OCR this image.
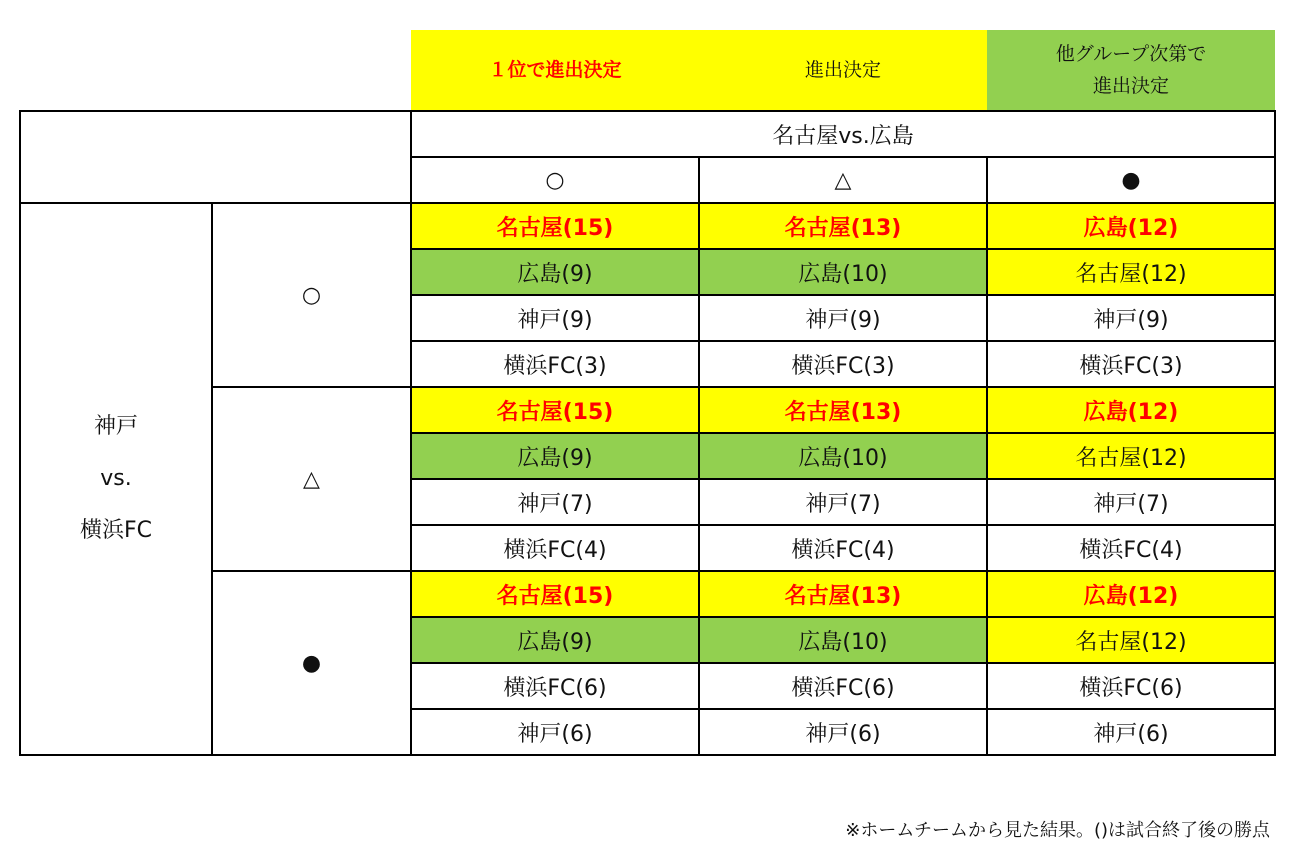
１位で進出決定	進出決定
他グループ次第で
進出決定
		名古屋vs.広島		
		○	△	●
神戸
vs.
横浜FC	○	名古屋(15)	名古屋(13)	広島(12)
		広島(9)	広島(10)	名古屋(12)
		神戸(9)	神戸(9)	神戸(9)
		横浜FC(3)	横浜FC(3)	横浜FC(3)
	△	名古屋(15)	名古屋(13)	広島(12)
		広島(9)	広島(10)	名古屋(12)
		神戸(7)	神戸(7)	神戸(7)
		横浜FC(4)	横浜FC(4)	横浜FC(4)
	●	名古屋(15)	名古屋(13)	広島(12)
		広島(9)	広島(10)	名古屋(12)
		横浜FC(6)	横浜FC(6)	横浜FC(6)
		神戸(6)	神戸(6)	神戸(6)
※ホームチームから見た結果。()は試合終了後の勝点
